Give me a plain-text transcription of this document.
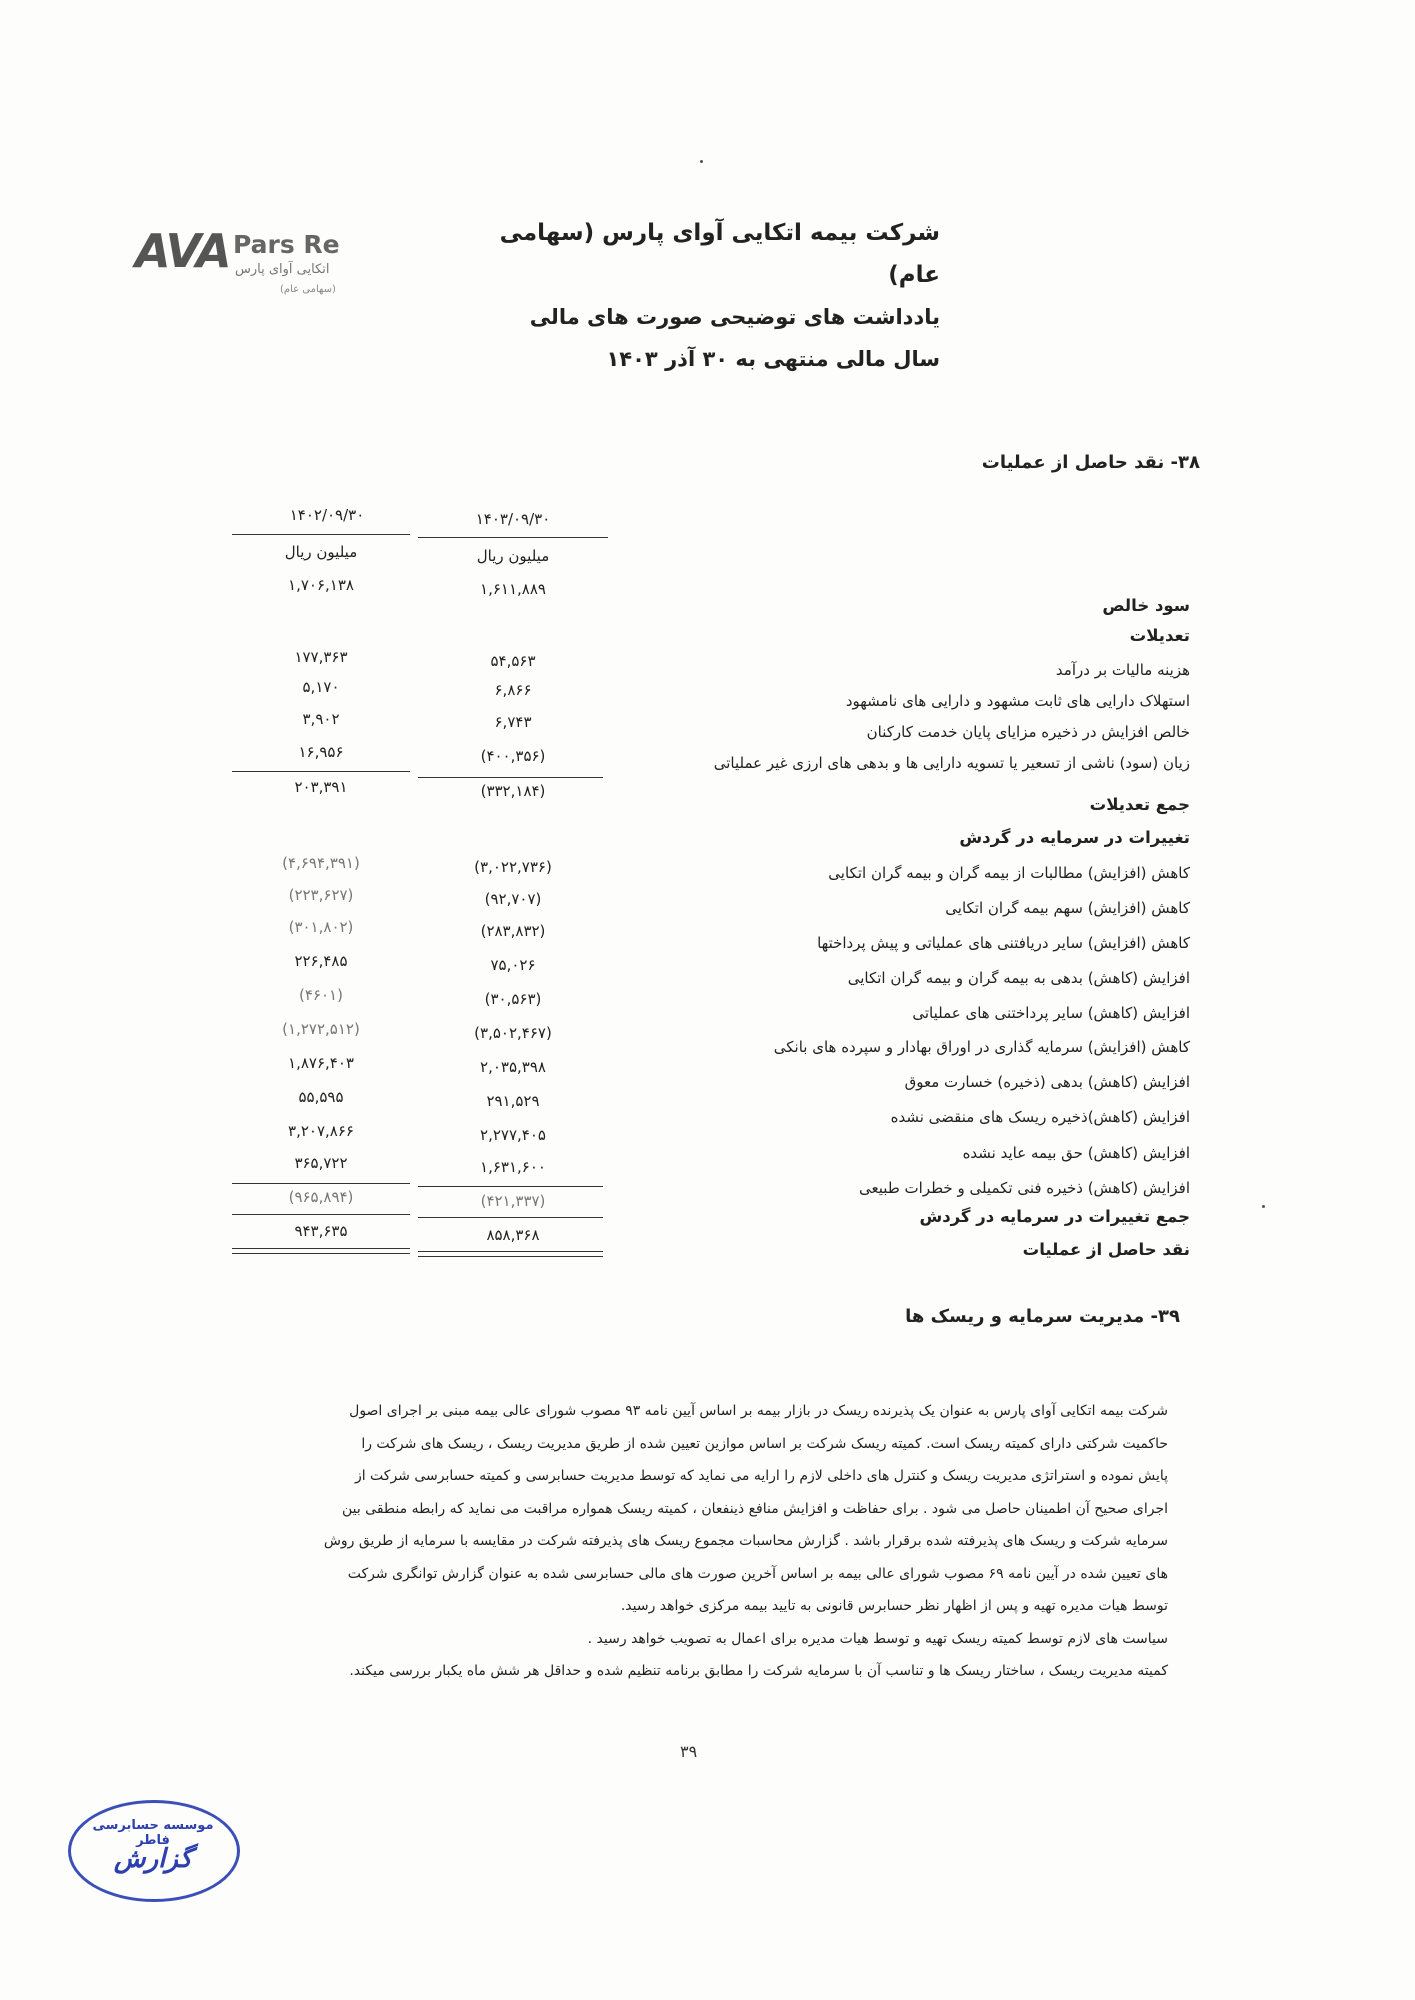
AVA Pars Re
اتکایی آوای پارس
(سهامی عام)
شرکت بیمه اتکایی آوای پارس (سهامی عام)
یادداشت های توضیحی صورت های مالی
سال مالی منتهی به ۳۰ آذر ۱۴۰۳
۳۸- نقد حاصل از عملیات
۱۴۰۳/۰۹/۳۰
۱۴۰۲/۰۹/۳۰
میلیون ریال
میلیون ریال
۱,۶۱۱,۸۸۹
۱,۷۰۶,۱۳۸
سود خالص
تعدیلات
هزینه مالیات بر درآمد
۵۴,۵۶۳
۱۷۷,۳۶۳
استهلاک دارایی های ثابت مشهود و دارایی های نامشهود
۶,۸۶۶
۵,۱۷۰
خالص افزایش در ذخیره مزایای پایان خدمت کارکنان
۶,۷۴۳
۳,۹۰۲
زیان (سود) ناشی از تسعیر یا تسویه دارایی ها و بدهی های ارزی غیر عملیاتی
(۴۰۰,۳۵۶)
۱۶,۹۵۶
جمع تعدیلات
(۳۳۲,۱۸۴)
۲۰۳,۳۹۱
تغییرات در سرمایه در گردش
کاهش (افزایش) مطالبات از بیمه گران و بیمه گران اتکایی
(۳,۰۲۲,۷۳۶)
(۴,۶۹۴,۳۹۱)
کاهش (افزایش) سهم بیمه گران اتکایی
(۹۲,۷۰۷)
(۲۲۳,۶۲۷)
کاهش (افزایش) سایر دریافتنی های عملیاتی و پیش پرداختها
(۲۸۳,۸۳۲)
(۳۰۱,۸۰۲)
افزایش (کاهش) بدهی به بیمه گران و بیمه گران اتکایی
۷۵,۰۲۶
۲۲۶,۴۸۵
افزایش (کاهش) سایر پرداختنی های عملیاتی
(۳۰,۵۶۳)
(۴۶۰۱)
کاهش (افزایش) سرمایه گذاری در اوراق بهادار و سپرده های بانکی
(۳,۵۰۲,۴۶۷)
(۱,۲۷۲,۵۱۲)
افزایش (کاهش) بدهی (ذخیره) خسارت معوق
۲,۰۳۵,۳۹۸
۱,۸۷۶,۴۰۳
افزایش (کاهش)ذخیره ریسک های منقضی نشده
۲۹۱,۵۲۹
۵۵,۵۹۵
افزایش (کاهش) حق بیمه عاید نشده
۲,۲۷۷,۴۰۵
۳,۲۰۷,۸۶۶
افزایش (کاهش) ذخیره فنی تکمیلی و خطرات طبیعی
۱,۶۳۱,۶۰۰
۳۶۵,۷۲۲
جمع تغییرات در سرمایه در گردش
(۴۲۱,۳۳۷)
(۹۶۵,۸۹۴)
نقد حاصل از عملیات
۸۵۸,۳۶۸
۹۴۳,۶۳۵
۳۹- مدیریت سرمایه و ریسک ها

شرکت بیمه اتکایی آوای پارس به عنوان یک پذیرنده ریسک در بازار بیمه بر اساس آیین نامه ۹۳ مصوب شورای عالی بیمه مبنی بر اجرای اصول

حاکمیت شرکتی دارای کمیته ریسک است. کمیته ریسک شرکت بر اساس موازین تعیین شده از طریق مدیریت ریسک ، ریسک های شرکت را

پایش نموده و استراتژی مدیریت ریسک و کنترل های داخلی لازم را ارایه می نماید که توسط مدیریت حسابرسی و کمیته حسابرسی شرکت از

اجرای صحیح آن اطمینان حاصل می شود . برای حفاظت و افزایش منافع ذینفعان ، کمیته ریسک همواره مراقبت می نماید که رابطه منطقی بین

سرمایه شرکت و ریسک های پذیرفته شده برقرار باشد . گزارش محاسبات مجموع ریسک های پذیرفته شرکت در مقایسه با سرمایه از طریق روش

های تعیین شده در آیین نامه ۶۹ مصوب شورای عالی بیمه بر اساس آخرین صورت های مالی حسابرسی شده به عنوان گزارش توانگری شرکت

توسط هیات مدیره تهیه و پس از اظهار نظر حسابرس قانونی به تایید بیمه مرکزی خواهد رسید.

سیاست های لازم توسط کمیته ریسک تهیه و توسط هیات مدیره برای اعمال به تصویب خواهد رسید .

کمیته مدیریت ریسک ، ساختار ریسک ها و تناسب آن با سرمایه شرکت را مطابق برنامه تنظیم شده و حداقل هر شش ماه یکبار بررسی میکند.

۳۹
موسسه حسابرسی فاطر
گزارش
